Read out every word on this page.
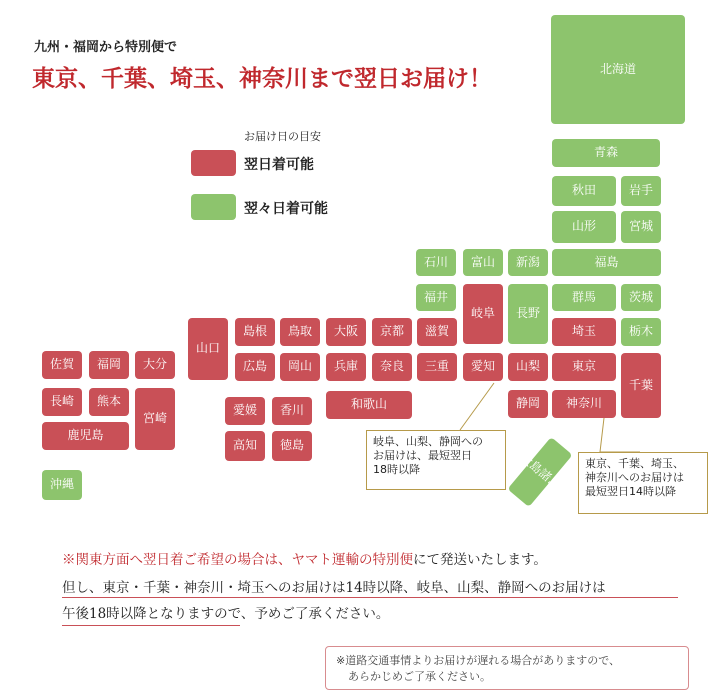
九州・福岡から特別便で
東京、千葉、埼玉、神奈川まで翌日お届け！
お届け日の目安
翌日着可能
翌々日着可能
北海道
青森
秋田	岩手
山形	宮城
石川	富山	新潟	福島
福井
岐阜	長野
群馬	茨城
山口
島根	鳥取	大阪	京都	滋賀	埼玉	栃木
佐賀	福岡	大分	広島	岡山	兵庫	奈良	三重	愛知	山梨	東京
千葉
長崎	熊本
宮崎
愛媛	香川	和歌山	静岡	神奈川
鹿児島
高知	徳島
沖縄	大島諸島
岐阜、山梨、静岡への
お届けは、最短翌日
18時以降	東京、千葉、埼玉、
神奈川へのお届けは
最短翌日14時以降
※関東方面へ翌日着ご希望の場合は、ヤマト運輸の特別便にて発送いたします。
但し、東京・千葉・神奈川・埼玉へのお届けは14時以降、岐阜、山梨、静岡へのお届けは
午後18時以降となりますので、予めご了承ください。
※道路交通事情よりお届けが遅れる場合がありますので、
あらかじめご了承ください。
